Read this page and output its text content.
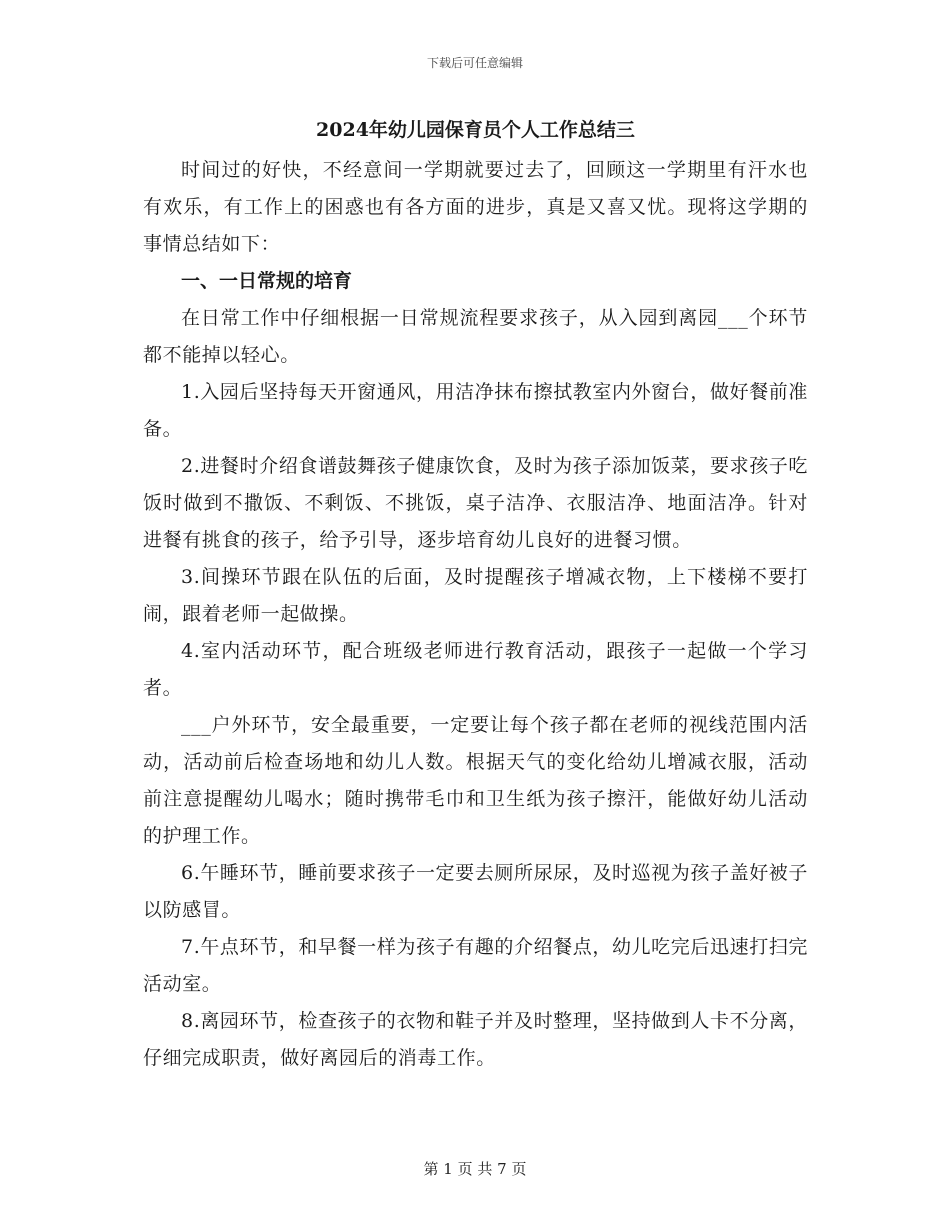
下载后可任意编辑
2024年幼儿园保育员个人工作总结三

时间过的好快，不经意间一学期就要过去了，回顾这一学期里有汗水也有欢乐，有工作上的困惑也有各方面的进步，真是又喜又忧。现将这学期的事情总结如下：

一、一日常规的培育

在日常工作中仔细根据一日常规流程要求孩子，从入园到离园___个环节都不能掉以轻心。

1.入园后坚持每天开窗通风，用洁净抹布擦拭教室内外窗台，做好餐前准备。

2.进餐时介绍食谱鼓舞孩子健康饮食，及时为孩子添加饭菜，要求孩子吃饭时做到不撒饭、不剩饭、不挑饭，桌子洁净、衣服洁净、地面洁净。针对进餐有挑食的孩子，给予引导，逐步培育幼儿良好的进餐习惯。

3.间操环节跟在队伍的后面，及时提醒孩子增减衣物，上下楼梯不要打闹，跟着老师一起做操。

4.室内活动环节，配合班级老师进行教育活动，跟孩子一起做一个学习者。

___户外环节，安全最重要，一定要让每个孩子都在老师的视线范围内活动，活动前后检查场地和幼儿人数。根据天气的变化给幼儿增减衣服，活动前注意提醒幼儿喝水；随时携带毛巾和卫生纸为孩子擦汗，能做好幼儿活动的护理工作。

6.午睡环节，睡前要求孩子一定要去厕所尿尿，及时巡视为孩子盖好被子以防感冒。

7.午点环节，和早餐一样为孩子有趣的介绍餐点，幼儿吃完后迅速打扫完活动室。

8.离园环节，检查孩子的衣物和鞋子并及时整理，坚持做到人卡不分离，仔细完成职责，做好离园后的消毒工作。

第 1 页 共 7 页
